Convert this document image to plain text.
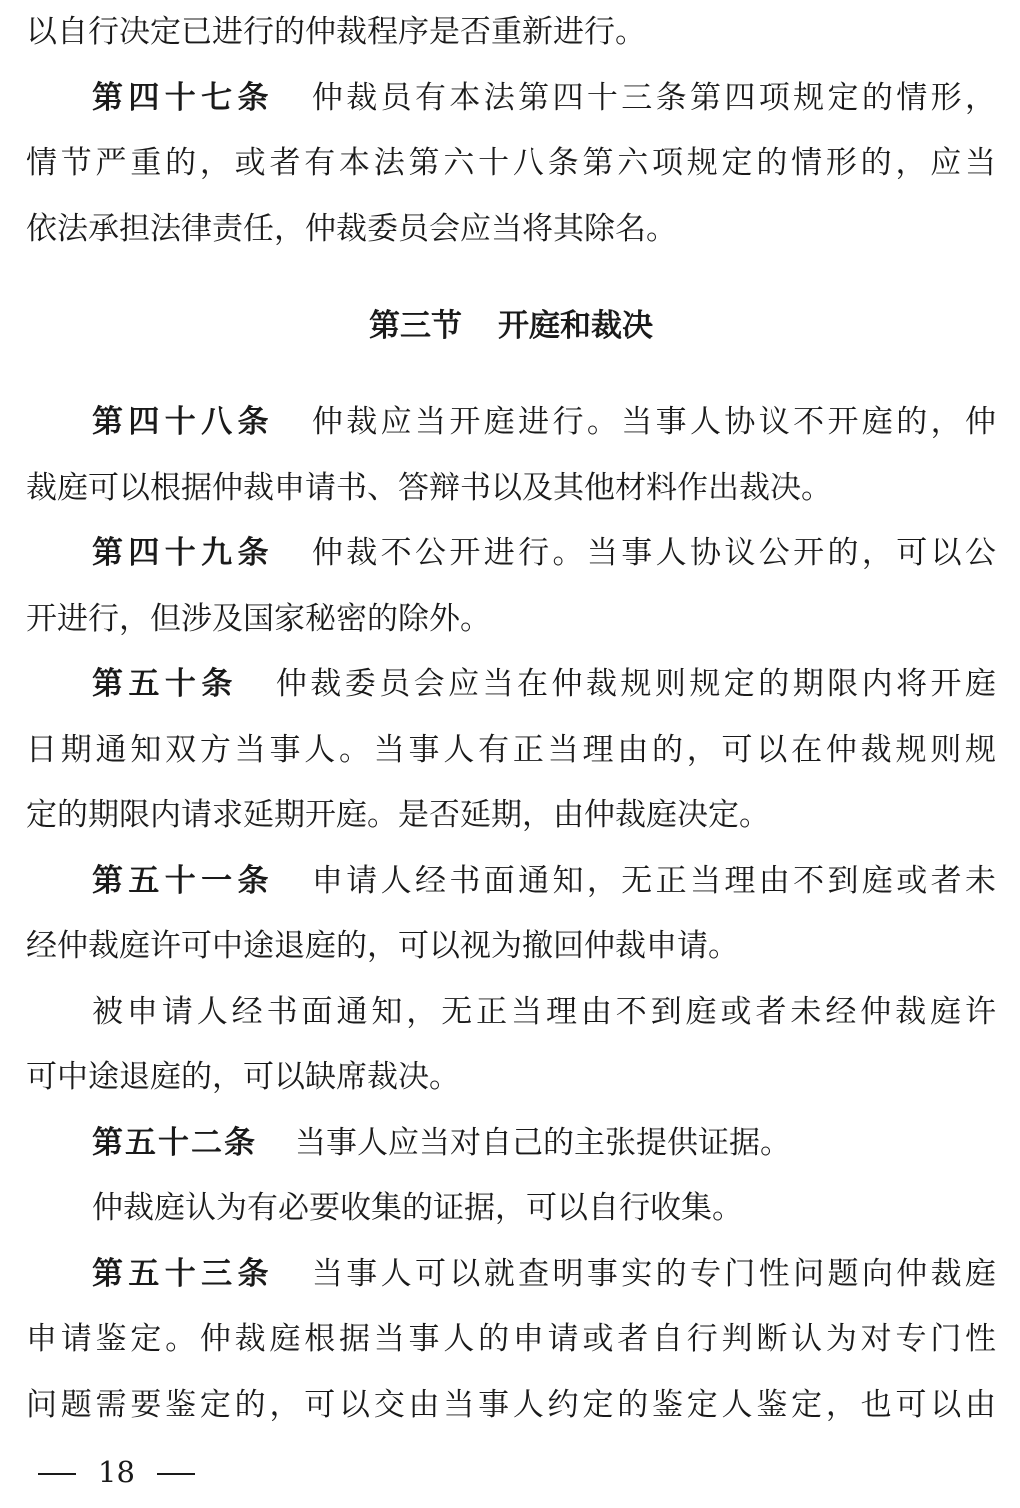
以自行决定已进行的仲裁程序是否重新进行。
第四十七条 仲裁员有本法第四十三条第四项规定的情形，
情节严重的，或者有本法第六十八条第六项规定的情形的，应当
依法承担法律责任，仲裁委员会应当将其除名。
第三节 开庭和裁决
第四十八条 仲裁应当开庭进行。当事人协议不开庭的，仲
裁庭可以根据仲裁申请书、答辩书以及其他材料作出裁决。
第四十九条 仲裁不公开进行。当事人协议公开的，可以公
开进行，但涉及国家秘密的除外。
第五十条 仲裁委员会应当在仲裁规则规定的期限内将开庭
日期通知双方当事人。当事人有正当理由的，可以在仲裁规则规
定的期限内请求延期开庭。是否延期，由仲裁庭决定。
第五十一条 申请人经书面通知，无正当理由不到庭或者未
经仲裁庭许可中途退庭的，可以视为撤回仲裁申请。
被申请人经书面通知，无正当理由不到庭或者未经仲裁庭许
可中途退庭的，可以缺席裁决。
第五十二条 当事人应当对自己的主张提供证据。
仲裁庭认为有必要收集的证据，可以自行收集。
第五十三条 当事人可以就查明事实的专门性问题向仲裁庭
申请鉴定。仲裁庭根据当事人的申请或者自行判断认为对专门性
问题需要鉴定的，可以交由当事人约定的鉴定人鉴定，也可以由
18
